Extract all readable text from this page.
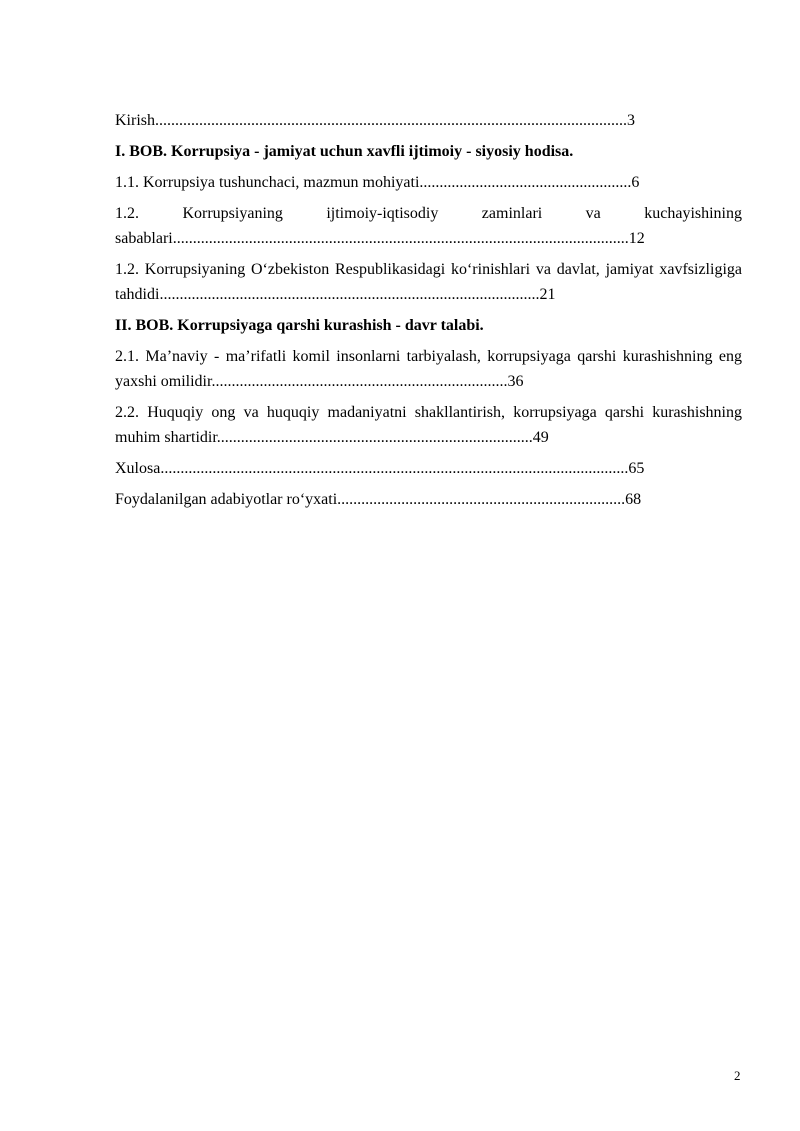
Kirish......................................................................................................................3
I. BOB. Korrupsiya - jamiyat uchun xavfli ijtimoiy - siyosiy hodisa.
1.1. Korrupsiya tushunchaci, mazmun mohiyati.....................................................6
1.2. Korrupsiyaning ijtimoiy-iqtisodiy zaminlari va kuchayishining sabablari..................................................................................................................12
1.2. Korrupsiyaning O‘zbekiston Respublikasidagi ko‘rinishlari va davlat, jamiyat xavfsizligiga tahdidi...............................................................................................21
II. BOB. Korrupsiyaga qarshi kurashish - davr talabi.
2.1. Ma’naviy - ma’rifatli komil insonlarni tarbiyalash, korrupsiyaga qarshi kurashishning eng yaxshi omilidir..........................................................................36
2.2. Huquqiy ong va huquqiy madaniyatni shakllantirish, korrupsiyaga qarshi kurashishning muhim shartidir...............................................................................49
Xulosa.....................................................................................................................65
Foydalanilgan adabiyotlar ro‘yxati........................................................................68
2
